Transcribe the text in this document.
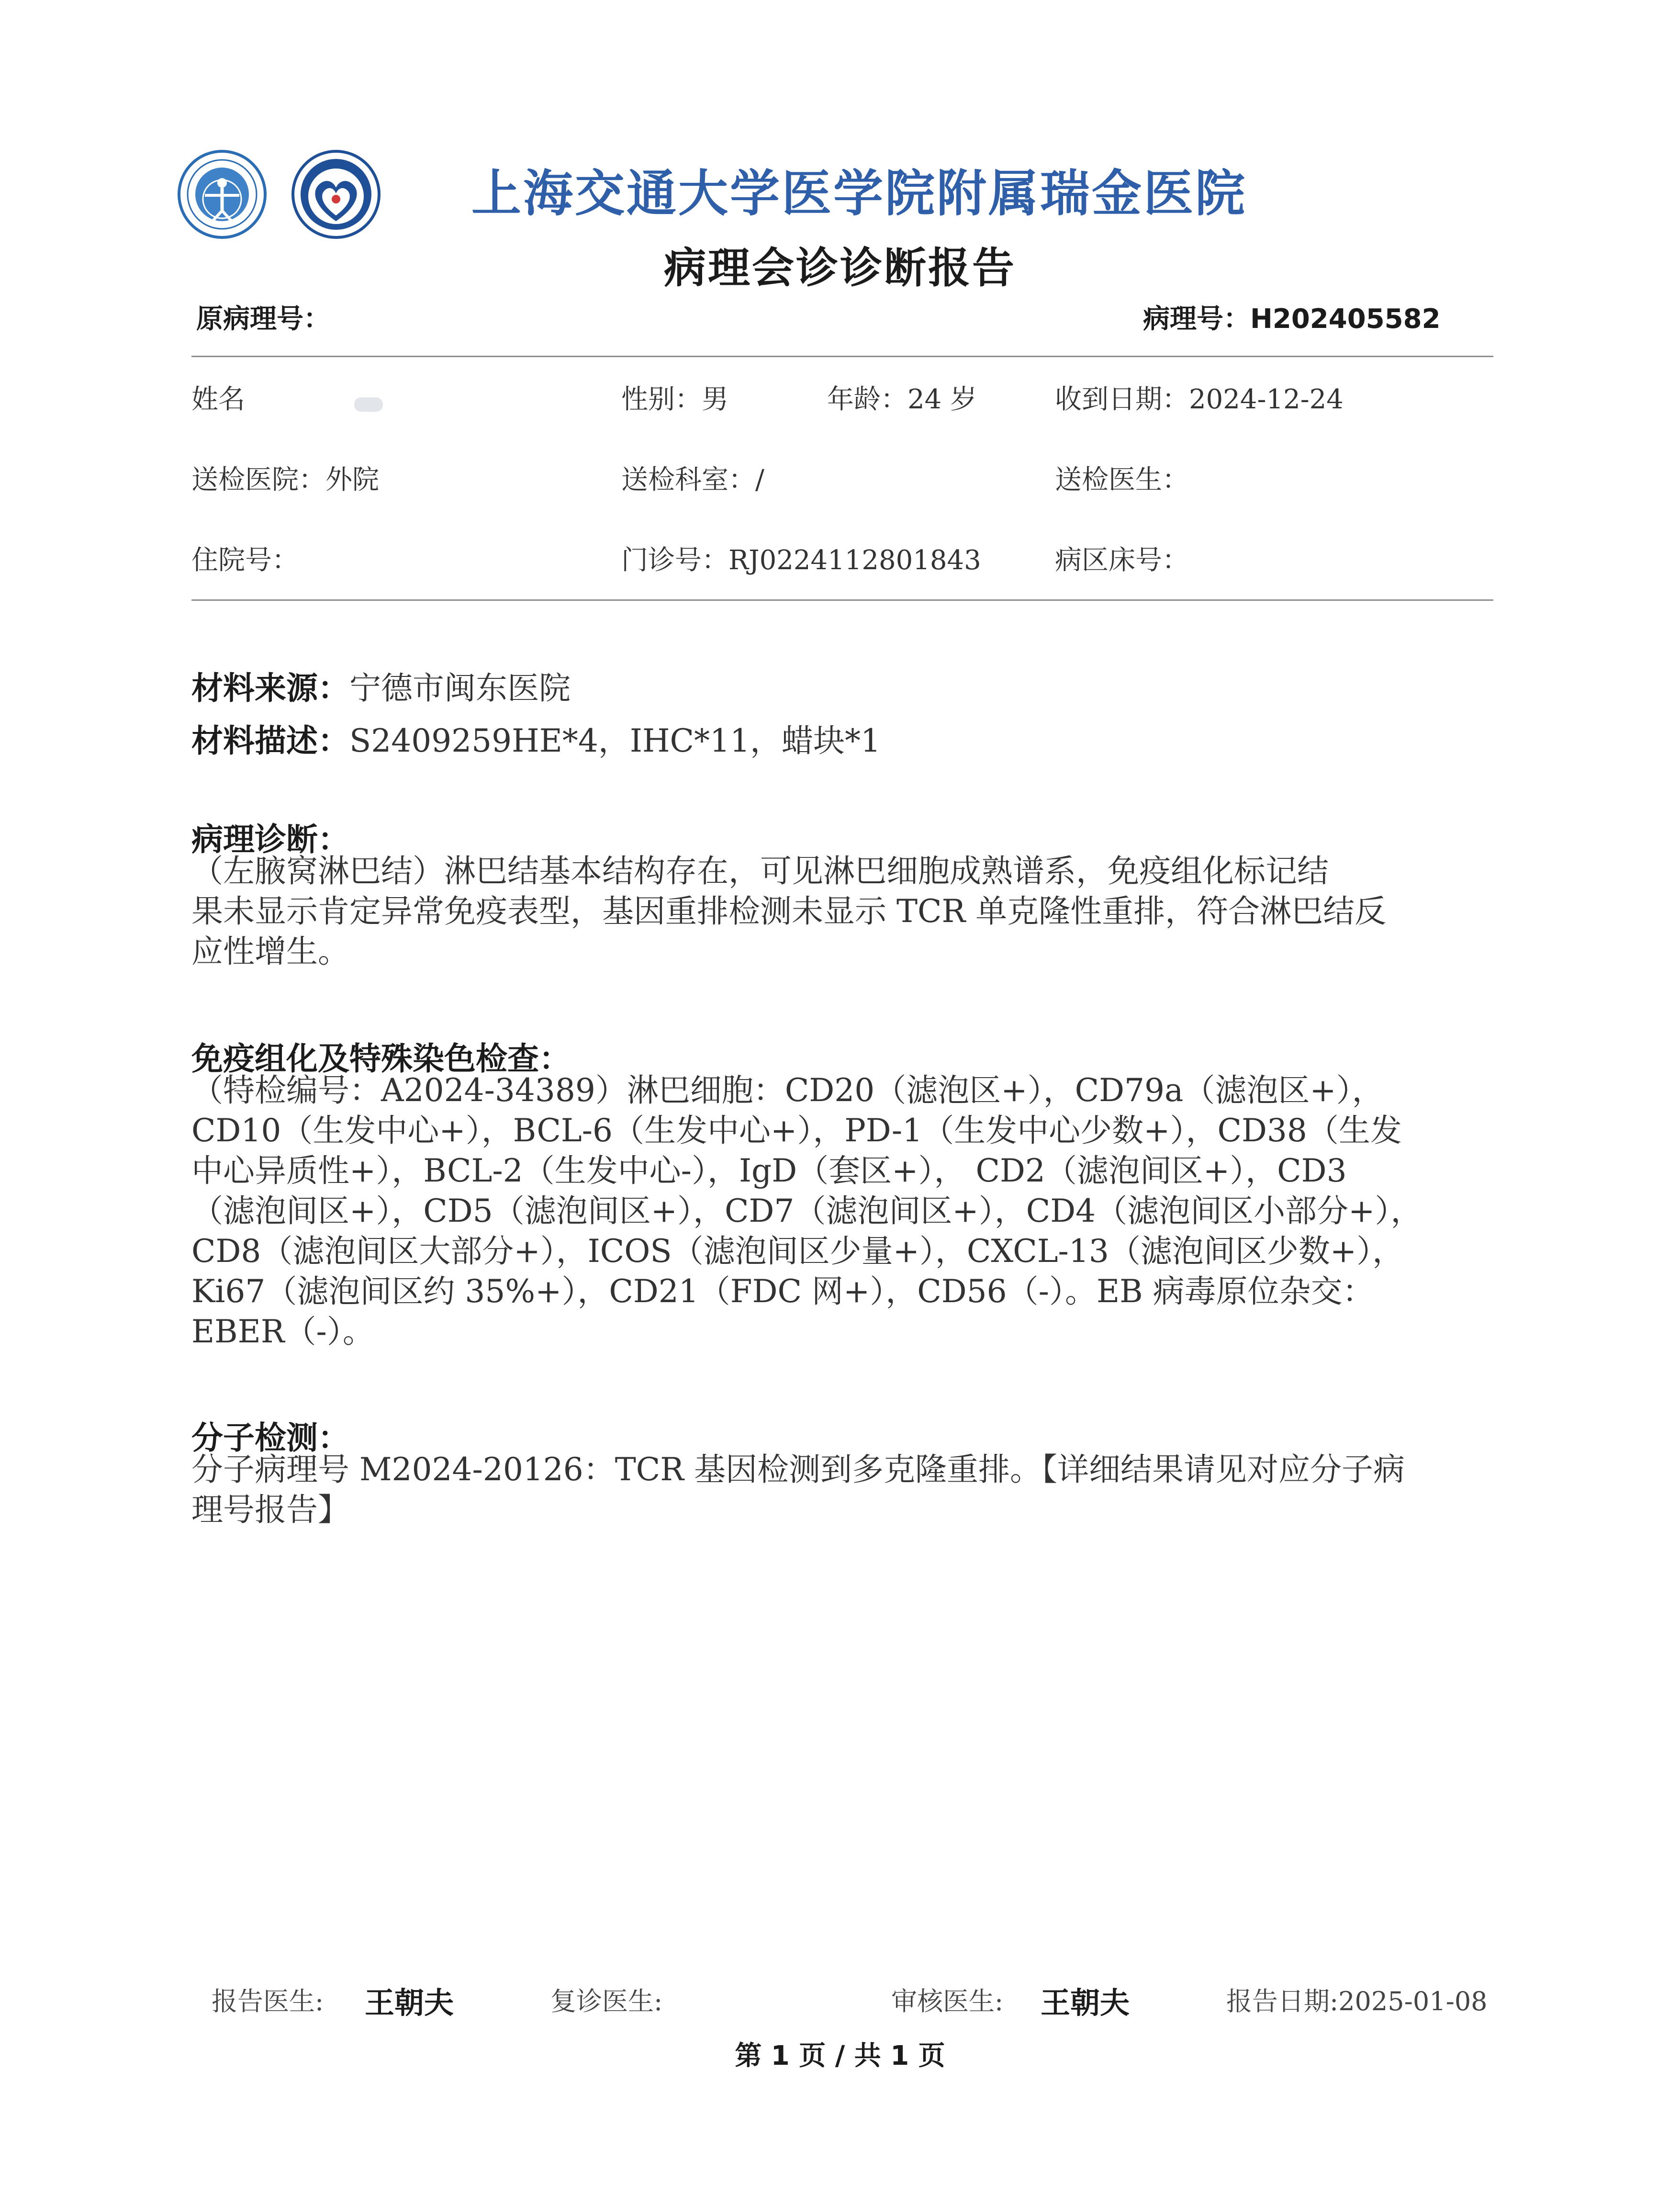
上海交通大学医学院附属瑞金医院
病理会诊诊断报告
原病理号：	病理号：H202405582
姓名	性别：男	年龄：24 岁	收到日期：2024-12-24
送检医院：外院	送检科室：/	送检医生：
住院号：	门诊号：RJ0224112801843	病区床号：
材料来源：宁德市闽东医院
材料描述：S2409259HE*4，IHC*11，蜡块*1
病理诊断：
（左腋窝淋巴结）淋巴结基本结构存在，可见淋巴细胞成熟谱系，免疫组化标记结
果未显示肯定异常免疫表型，基因重排检测未显示 TCR 单克隆性重排，符合淋巴结反
应性增生。
免疫组化及特殊染色检查：
（特检编号：A2024-34389）淋巴细胞：CD20（滤泡区+），CD79a（滤泡区+），
CD10（生发中心+），BCL-6（生发中心+），PD-1（生发中心少数+），CD38（生发
中心异质性+），BCL-2（生发中心-），IgD（套区+）， CD2（滤泡间区+），CD3
（滤泡间区+），CD5（滤泡间区+），CD7（滤泡间区+），CD4（滤泡间区小部分+），
CD8（滤泡间区大部分+），ICOS（滤泡间区少量+），CXCL-13（滤泡间区少数+），
Ki67（滤泡间区约 35%+），CD21（FDC 网+），CD56（-）。EB 病毒原位杂交：
EBER（-）。
分子检测：
分子病理号 M2024-20126：TCR 基因检测到多克隆重排。【详细结果请见对应分子病
理号报告】
报告医生: 王朝夫	复诊医生:	审核医生: 王朝夫	报告日期:2025-01-08
第 1 页 / 共 1 页
